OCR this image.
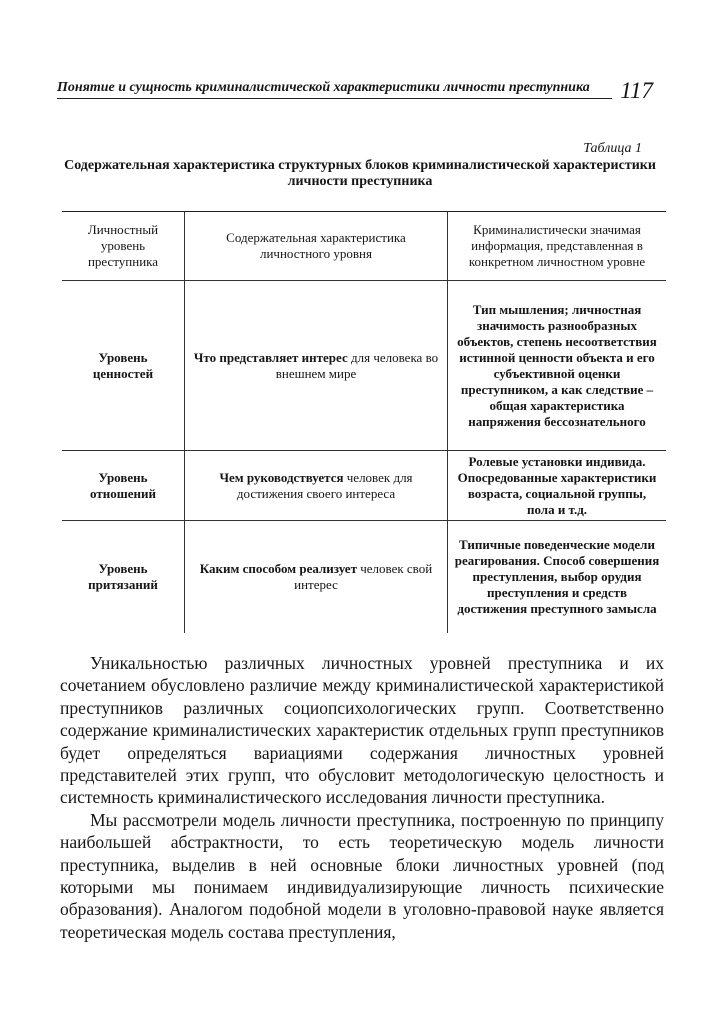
Понятие и сущность криминалистической характеристики личности преступника	117
Таблица 1
Содержательная характеристика структурных блоков криминалистической характеристики личности преступника
Личностный уровень преступника	Содержательная характеристика личностного уровня	Криминалистически значимая информация, представленная в конкретном личностном уровне
Уровень ценностей	Что представляет интерес для человека во внешнем мире	Тип мышления; личностная значимость разнообразных объектов, степень несоответствия истинной ценности объекта и его субъективной оценки преступником, а как следствие – общая характеристика напряжения бессознательного
Уровень отношений	Чем руководствуется человек для достижения своего интереса	Ролевые установки индивида. Опосредованные характеристики возраста, социальной группы, пола и т.д.
Уровень притязаний	Каким способом реализует человек свой интерес	Типичные поведенческие модели реагирования. Способ совершения преступления, выбор орудия преступления и средств достижения преступного замысла

Уникальностью различных личностных уровней преступника и их сочетанием обусловлено различие между криминалистической характеристикой преступников различных социопсихологических групп. Соответственно содержание криминалистических характеристик отдельных групп преступников будет определяться вариациями содержания личностных уровней представителей этих групп, что обусловит методологическую целостность и системность криминалистического исследования личности преступника.

Мы рассмотрели модель личности преступника, построенную по принципу наибольшей абстрактности, то есть теоретическую модель личности преступника, выделив в ней основные блоки личностных уровней (под которыми мы понимаем индивидуализирующие личность психические образования). Аналогом подобной модели в уголовно-правовой науке является теоретическая модель состава преступления,
